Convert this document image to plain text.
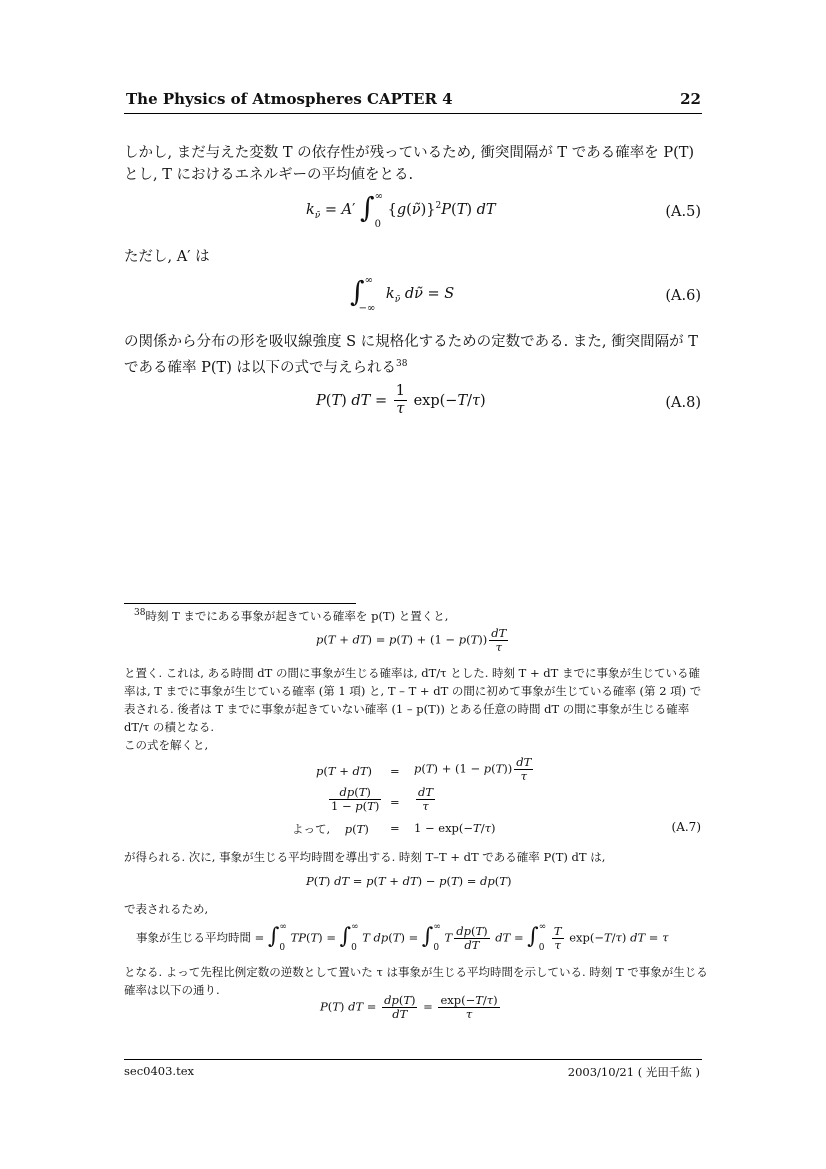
The Physics of Atmospheres CAPTER 4	22
しかし, まだ与えた変数 T の依存性が残っているため, 衝突間隔が T である確率を P(T)
とし, T におけるエネルギーの平均値をとる.
$k_{\nũ} = A'$ ∫∞
0 {g(ν̃)}$^2$P(T) dT	(A.5)
ただし, A′ は
∫∞
−∞ $k_{\nũ}$ dν̃ = S	(A.6)
の関係から分布の形を吸収線強度 S に規格化するための定数である. また, 衝突間隔が T
である確率 P(T) は以下の式で与えられる$^{38}$
P(T) dT = $\frac{1}{\tau} \exp(-T/\tau)$	(A.8)
$^{38}$時刻 T までにある事象が起きている確率を p(T) と置くと,
$p(T + dT) = p(T) + (1 - p(T)) \frac{dT}{\tau}$
と置く. これは, ある時間 dT の間に事象が生じる確率は, dT/τ とした. 時刻 T + dT までに事象が生じている確率は, T までに事象が生じている確率 (第 1 項) と, T – T + dT の間に初めて事象が生じている確率 (第 2 項) で表される. 後者は T までに事象が起きていない確率 (1 – p(T)) とある任意の時間 dT の間に事象が生じる確率 dT/τ の積となる.
この式を解くと,
$p(T + dT) = p(T) + (1 - p(T)) \frac{dT}{\tau}$
$\frac{dp(T)}{1 - p(T)} = \frac{dT}{\tau}$
よって, p(T) = 1 − exp(−T/τ)	(A.7)
が得られる. 次に, 事象が生じる平均時間を導出する. 時刻 T–T + dT である確率 P(T) dT は,
P(T) dT = p(T + dT) − p(T) = dp(T)
で表されるため,
事象が生じる平均時間 = ∫∞
0 TP(T) = ∫∞
0 T dp(T) = ∫∞
0 T $\frac{dp(T)}{dT}$ dT = ∫∞
$0 \frac{T}{\tau} \exp(-T/\tau)$ dT = τ
となる. よって先程比例定数の逆数として置いた τ は事象が生じる平均時間を示している. 時刻 T で事象が生じる確率は以下の通り.
P(T) dT = $\frac{dp(T)}{dT} = \frac{\exp(-T/\tau)}{\tau}$
sec0403.tex	2003/10/21 ( 光田千紘 )
